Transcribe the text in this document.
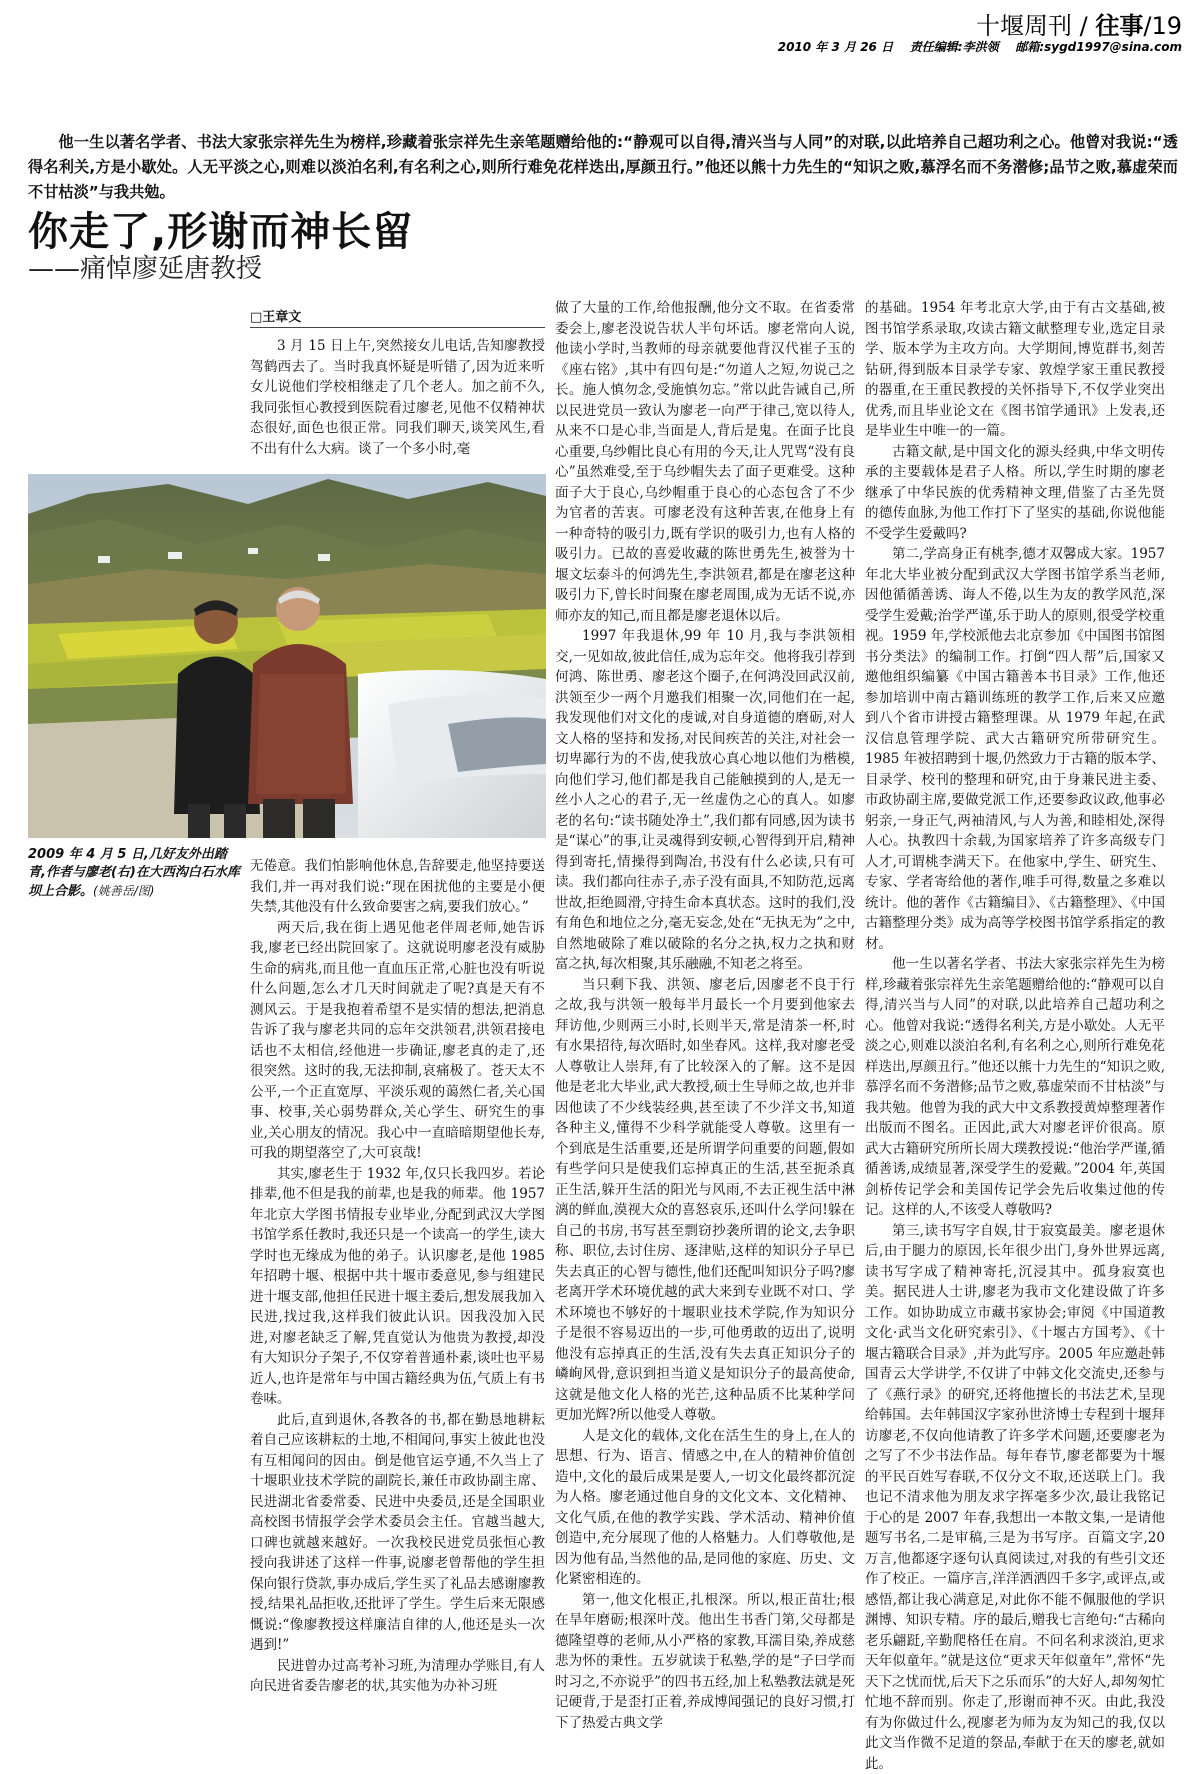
十堰周刊 / 往事/19
2010 年 3 月 26 日 责任编辑:李洪领 邮箱:sygd1997@sina.com
他一生以著名学者、书法大家张宗祥先生为榜样,珍藏着张宗祥先生亲笔题赠给他的:“静观可以自得,清兴当与人同”的对联,以此培养自己超功利之心。他曾对我说:“透得名利关,方是小歇处。人无平淡之心,则难以淡泊名利,有名利之心,则所行难免花样迭出,厚颜丑行。”他还以熊十力先生的“知识之败,慕浮名而不务潜修;品节之败,慕虚荣而不甘枯淡”与我共勉。
你走了,形谢而神长留
——痛悼廖延唐教授
□王章文

3 月 15 日上午,突然接女儿电话,告知廖教授驾鹤西去了。当时我真怀疑是听错了,因为近来听女儿说他们学校相继走了几个老人。加之前不久,我同张恒心教授到医院看过廖老,见他不仅精神状态很好,面色也很正常。同我们聊天,谈笑风生,看不出有什么大病。谈了一个多小时,毫

2009 年 4 月 5 日,几好友外出踏青,作者与廖老(右)在大西沟白石水库坝上合影。(姚善岳/图)

无倦意。我们怕影响他休息,告辞要走,他坚持要送我们,并一再对我们说:“现在困扰他的主要是小便失禁,其他没有什么致命要害之病,要我们放心。”

两天后,我在街上遇见他老伴周老师,她告诉我,廖老已经出院回家了。这就说明廖老没有威胁生命的病兆,而且他一直血压正常,心脏也没有听说什么问题,怎么才几天时间就走了呢?真是天有不测风云。于是我抱着希望不是实情的想法,把消息告诉了我与廖老共同的忘年交洪领君,洪领君接电话也不太相信,经他进一步确证,廖老真的走了,还很突然。这时的我,无法抑制,哀痛极了。苍天太不公平,一个正直宽厚、平淡乐观的蔼然仁者,关心国事、校事,关心弱势群众,关心学生、研究生的事业,关心朋友的情况。我心中一直暗暗期望他长寿,可我的期望落空了,大可哀哉!

其实,廖老生于 1932 年,仅只长我四岁。若论排辈,他不但是我的前辈,也是我的师辈。他 1957 年北京大学图书情报专业毕业,分配到武汉大学图书馆学系任教时,我还只是一个读高一的学生,读大学时也无缘成为他的弟子。认识廖老,是他 1985 年招聘十堰、根据中共十堰市委意见,参与组建民进十堰支部,他担任民进十堰主委后,想发展我加入民进,找过我,这样我们彼此认识。因我没加入民进,对廖老缺乏了解,凭直觉认为他贵为教授,却没有大知识分子架子,不仅穿着普通朴素,谈吐也平易近人,也许是常年与中国古籍经典为伍,气质上有书卷味。

此后,直到退休,各教各的书,都在勤恳地耕耘着自己应该耕耘的土地,不相闻问,事实上彼此也没有互相闻问的因由。倒是他官运亨通,不久当上了十堰职业技术学院的副院长,兼任市政协副主席、民进湖北省委常委、民进中央委员,还是全国职业高校图书情报学会学术委员会主任。官越当越大,口碑也就越来越好。一次我校民进党员张恒心教授向我讲述了这样一件事,说廖老曾帮他的学生担保向银行贷款,事办成后,学生买了礼品去感谢廖教授,结果礼品拒收,还批评了学生。学生后来无限感慨说:“像廖教授这样廉洁自律的人,他还是头一次遇到!”

民进曾办过高考补习班,为清理办学账目,有人向民进省委告廖老的状,其实他为办补习班

做了大量的工作,给他报酬,他分文不取。在省委常委会上,廖老没说告状人半句坏话。廖老常向人说,他读小学时,当教师的母亲就要他背汉代崔子玉的《座右铭》,其中有四句是:“勿道人之短,勿说己之长。施人慎勿念,受施慎勿忘。”常以此告诫自己,所以民进党员一致认为廖老一向严于律己,宽以待人,从来不口是心非,当面是人,背后是鬼。在面子比良心重要,乌纱帽比良心有用的今天,让人咒骂“没有良心”虽然难受,至于乌纱帽失去了面子更难受。这种面子大于良心,乌纱帽重于良心的心态包含了不少为官者的苦衷。可廖老没有这种苦衷,在他身上有一种奇特的吸引力,既有学识的吸引力,也有人格的吸引力。已故的喜爱收藏的陈世勇先生,被誉为十堰文坛泰斗的何鸿先生,李洪领君,都是在廖老这种吸引力下,曾长时间聚在廖老周围,成为无话不说,亦师亦友的知己,而且都是廖老退休以后。

1997 年我退休,99 年 10 月,我与李洪领相交,一见如故,彼此信任,成为忘年交。他将我引荐到何鸿、陈世勇、廖老这个圈子,在何鸿没回武汉前,洪领至少一两个月邀我们相聚一次,同他们在一起,我发现他们对文化的虔诚,对自身道德的磨砺,对人文人格的坚持和发扬,对民间疾苦的关注,对社会一切卑鄙行为的不齿,使我放心真心地以他们为楷模,向他们学习,他们都是我自己能触摸到的人,是无一丝小人之心的君子,无一丝虚伪之心的真人。如廖老的名句:“读书随处净土”,我们都有同感,因为读书是“谋心”的事,让灵魂得到安顿,心智得到开启,精神得到寄托,情操得到陶冶,书没有什么必读,只有可读。我们都向往赤子,赤子没有面具,不知防范,远离世故,拒绝圆滑,守持生命本真状态。这时的我们,没有角色和地位之分,毫无妄念,处在“无执无为”之中,自然地破除了难以破除的名分之执,权力之执和财富之执,每次相聚,其乐融融,不知老之将至。

当只剩下我、洪领、廖老后,因廖老不良于行之故,我与洪领一般每半月最长一个月要到他家去拜访他,少则两三小时,长则半天,常是清茶一杯,时有水果招待,每次晤时,如坐春风。这样,我对廖老受人尊敬让人崇拜,有了比较深入的了解。这不是因他是老北大毕业,武大教授,硕士生导师之故,也并非因他读了不少线装经典,甚至读了不少洋文书,知道各种主义,懂得不少科学就能受人尊敬。这里有一个到底是生活重要,还是所谓学问重要的问题,假如有些学问只是使我们忘掉真正的生活,甚至扼杀真正生活,躲开生活的阳光与风雨,不去正视生活中淋漓的鲜血,漠视大众的喜怒哀乐,还叫什么学问!躲在自己的书房,书写甚至剽窃抄袭所谓的论文,去争职称、职位,去讨住房、逐津贴,这样的知识分子早已失去真正的心智与德性,他们还配叫知识分子吗?廖老离开学术环境优越的武大来到专业既不对口、学术环境也不够好的十堰职业技术学院,作为知识分子是很不容易迈出的一步,可他勇敢的迈出了,说明他没有忘掉真正的生活,没有失去真正知识分子的嶙峋风骨,意识到担当道义是知识分子的最高使命,这就是他文化人格的光芒,这种品质不比某种学问更加光辉?所以他受人尊敬。

人是文化的载体,文化在活生生的身上,在人的思想、行为、语言、情感之中,在人的精神价值创造中,文化的最后成果是要人,一切文化最终都沉淀为人格。廖老通过他自身的文化文本、文化精神、文化气质,在他的教学实践、学术活动、精神价值创造中,充分展现了他的人格魅力。人们尊敬他,是因为他有品,当然他的品,是同他的家庭、历史、文化紧密相连的。

第一,他文化根正,扎根深。所以,根正苗壮;根在旱年磨砺;根深叶茂。他出生书香门第,父母都是德隆望尊的老师,从小严格的家教,耳濡目染,养成慈悲为怀的秉性。五岁就读于私塾,学的是“子曰学而时习之,不亦说乎”的四书五经,加上私塾教法就是死记硬背,于是歪打正着,养成博闻强记的良好习惯,打下了热爱古典文学

的基础。1954 年考北京大学,由于有古文基础,被图书馆学系录取,攻读古籍文献整理专业,选定目录学、版本学为主攻方向。大学期间,博览群书,刻苦钻研,得到版本目录学专家、敦煌学家王重民教授的器重,在王重民教授的关怀指导下,不仅学业突出优秀,而且毕业论文在《图书馆学通讯》上发表,还是毕业生中唯一的一篇。

古籍文献,是中国文化的源头经典,中华文明传承的主要载体是君子人格。所以,学生时期的廖老继承了中华民族的优秀精神文理,借鉴了古圣先贤的德传血脉,为他工作打下了坚实的基础,你说他能不受学生爱戴吗?

第二,学高身正有桃李,德才双馨成大家。1957 年北大毕业被分配到武汉大学图书馆学系当老师,因他循循善诱、诲人不倦,以生为友的教学风范,深受学生爱戴;治学严谨,乐于助人的原则,很受学校重视。1959 年,学校派他去北京参加《中国图书馆图书分类法》的编制工作。打倒“四人帮”后,国家又邀他组织编纂《中国古籍善本书目录》工作,他还参加培训中南古籍训练班的教学工作,后来又应邀到八个省市讲授古籍整理课。从 1979 年起,在武汉信息管理学院、武大古籍研究所带研究生。1985 年被招聘到十堰,仍然致力于古籍的版本学、目录学、校刊的整理和研究,由于身兼民进主委、市政协副主席,要做党派工作,还要参政议政,他事必躬亲,一身正气,两袖清风,与人为善,和睦相处,深得人心。执教四十余载,为国家培养了许多高级专门人才,可谓桃李满天下。在他家中,学生、研究生、专家、学者寄给他的著作,唯手可得,数量之多难以统计。他的著作《古籍编目》、《古籍整理》、《中国古籍整理分类》成为高等学校图书馆学系指定的教材。

他一生以著名学者、书法大家张宗祥先生为榜样,珍藏着张宗祥先生亲笔题赠给他的:“静观可以自得,清兴当与人同”的对联,以此培养自己超功利之心。他曾对我说:“透得名利关,方是小歇处。人无平淡之心,则难以淡泊名利,有名利之心,则所行难免花样迭出,厚颜丑行。”他还以熊十力先生的“知识之败,慕浮名而不务潜修;品节之败,慕虚荣而不甘枯淡”与我共勉。他曾为我的武大中文系教授黄焯整理著作出版而不图名。正因此,武大对廖老评价很高。原武大古籍研究所所长周大璞教授说:“他治学严谨,循循善诱,成绩显著,深受学生的爱戴。”2004 年,英国剑桥传记学会和美国传记学会先后收集过他的传记。这样的人,不该受人尊敬吗?

第三,读书写字自娱,甘于寂寞最美。廖老退休后,由于腿力的原因,长年很少出门,身外世界远离,读书写字成了精神寄托,沉浸其中。孤身寂寞也美。据民进人士讲,廖老为我市文化建设做了许多工作。如协助成立市藏书家协会;审阅《中国道教文化·武当文化研究索引》、《十堰古方国考》、《十堰古籍联合目录》,并为此写序。2005 年应邀赴韩国青云大学讲学,不仅讲了中韩文化交流史,还参与了《燕行录》的研究,还将他擅长的书法艺术,呈现给韩国。去年韩国汉字家孙世济博士专程到十堰拜访廖老,不仅向他请教了许多学术问题,还要廖老为之写了不少书法作品。每年春节,廖老都要为十堰的平民百姓写春联,不仅分文不取,还送联上门。我也记不清求他为朋友求字挥毫多少次,最让我铭记于心的是 2007 年春,我想出一本散文集,一是请他题写书名,二是审稿,三是为书写序。百篇文字,20 万言,他都逐字逐句认真阅读过,对我的有些引文还作了校正。一篇序言,洋洋洒洒四千多字,或评点,或感悟,都让我心满意足,对此你不能不佩服他的学识渊博、知识专精。序的最后,赠我七言绝句:“古稀向老乐翩跹,辛勤爬格任在肩。不问名利求淡泊,更求天年似童年。”就是这位“更求天年似童年”,常怀“先天下之忧而忧,后天下之乐而乐”的大好人,却匆匆忙忙地不辞而别。你走了,形谢而神不灭。由此,我没有为你做过什么,视廖老为师为友为知己的我,仅以此文当作微不足道的祭品,奉献于在天的廖老,就如此。
